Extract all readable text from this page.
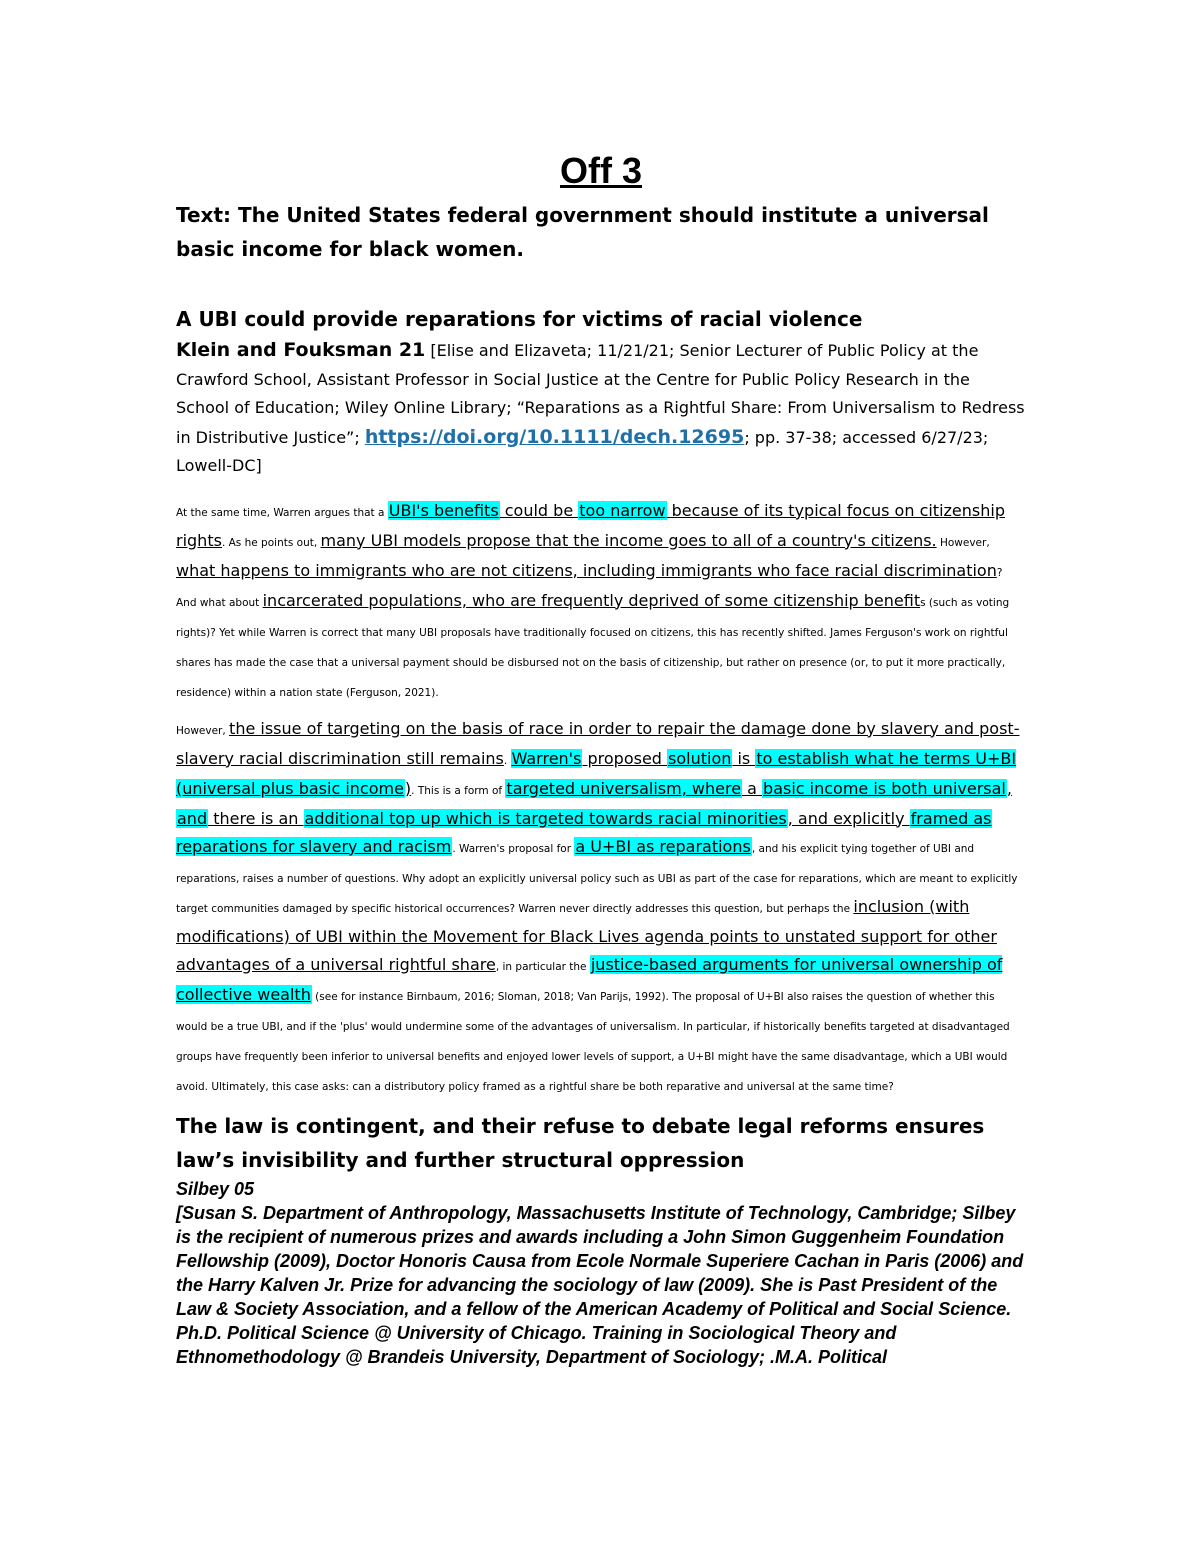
Off 3

Text: The United States federal government should institute a universal basic income for black women.

A UBI could provide reparations for victims of racial violence

Klein and Fouksman 21 [Elise and Elizaveta; 11/21/21; Senior Lecturer of Public Policy at the Crawford School, Assistant Professor in Social Justice at the Centre for Public Policy Research in the School of Education; Wiley Online Library; “Reparations as a Rightful Share: From Universalism to Redress in Distributive Justice”; https://doi.org/10.1111/dech.12695; pp. 37-38; accessed 6/27/23; Lowell-DC]

At the same time, Warren argues that a UBI's benefits could be too narrow because of its typical focus on citizenship rights. As he points out, many UBI models propose that the income goes to all of a country's citizens. However, what happens to immigrants who are not citizens, including immigrants who face racial discrimination? And what about incarcerated populations, who are frequently deprived of some citizenship benefits (such as voting rights)? Yet while Warren is correct that many UBI proposals have traditionally focused on citizens, this has recently shifted. James Ferguson's work on rightful shares has made the case that a universal payment should be disbursed not on the basis of citizenship, but rather on presence (or, to put it more practically, residence) within a nation state (Ferguson, 2021).

However, the issue of targeting on the basis of race in order to repair the damage done by slavery and post-slavery racial discrimination still remains. Warren's proposed solution is to establish what he terms U+BI (universal plus basic income). This is a form of targeted universalism, where a basic income is both universal, and there is an additional top up which is targeted towards racial minorities, and explicitly framed as reparations for slavery and racism. Warren's proposal for a U+BI as reparations, and his explicit tying together of UBI and reparations, raises a number of questions. Why adopt an explicitly universal policy such as UBI as part of the case for reparations, which are meant to explicitly target communities damaged by specific historical occurrences? Warren never directly addresses this question, but perhaps the inclusion (with modifications) of UBI within the Movement for Black Lives agenda points to unstated support for other advantages of a universal rightful share, in particular the justice-based arguments for universal ownership of collective wealth (see for instance Birnbaum, 2016; Sloman, 2018; Van Parijs, 1992). The proposal of U+BI also raises the question of whether this would be a true UBI, and if the 'plus' would undermine some of the advantages of universalism. In particular, if historically benefits targeted at disadvantaged groups have frequently been inferior to universal benefits and enjoyed lower levels of support, a U+BI might have the same disadvantage, which a UBI would avoid. Ultimately, this case asks: can a distributory policy framed as a rightful share be both reparative and universal at the same time?

The law is contingent, and their refuse to debate legal reforms ensures law’s invisibility and further structural oppression

Silbey 05

[Susan S. Department of Anthropology, Massachusetts Institute of Technology, Cambridge; Silbey is the recipient of numerous prizes and awards including a John Simon Guggenheim Foundation Fellowship (2009), Doctor Honoris Causa from Ecole Normale Superiere Cachan in Paris (2006) and the Harry Kalven Jr. Prize for advancing the sociology of law (2009). She is Past President of the Law & Society Association, and a fellow of the American Academy of Political and Social Science. Ph.D. Political Science @ University of Chicago. Training in Sociological Theory and Ethnomethodology @ Brandeis University, Department of Sociology; .M.A. Political
